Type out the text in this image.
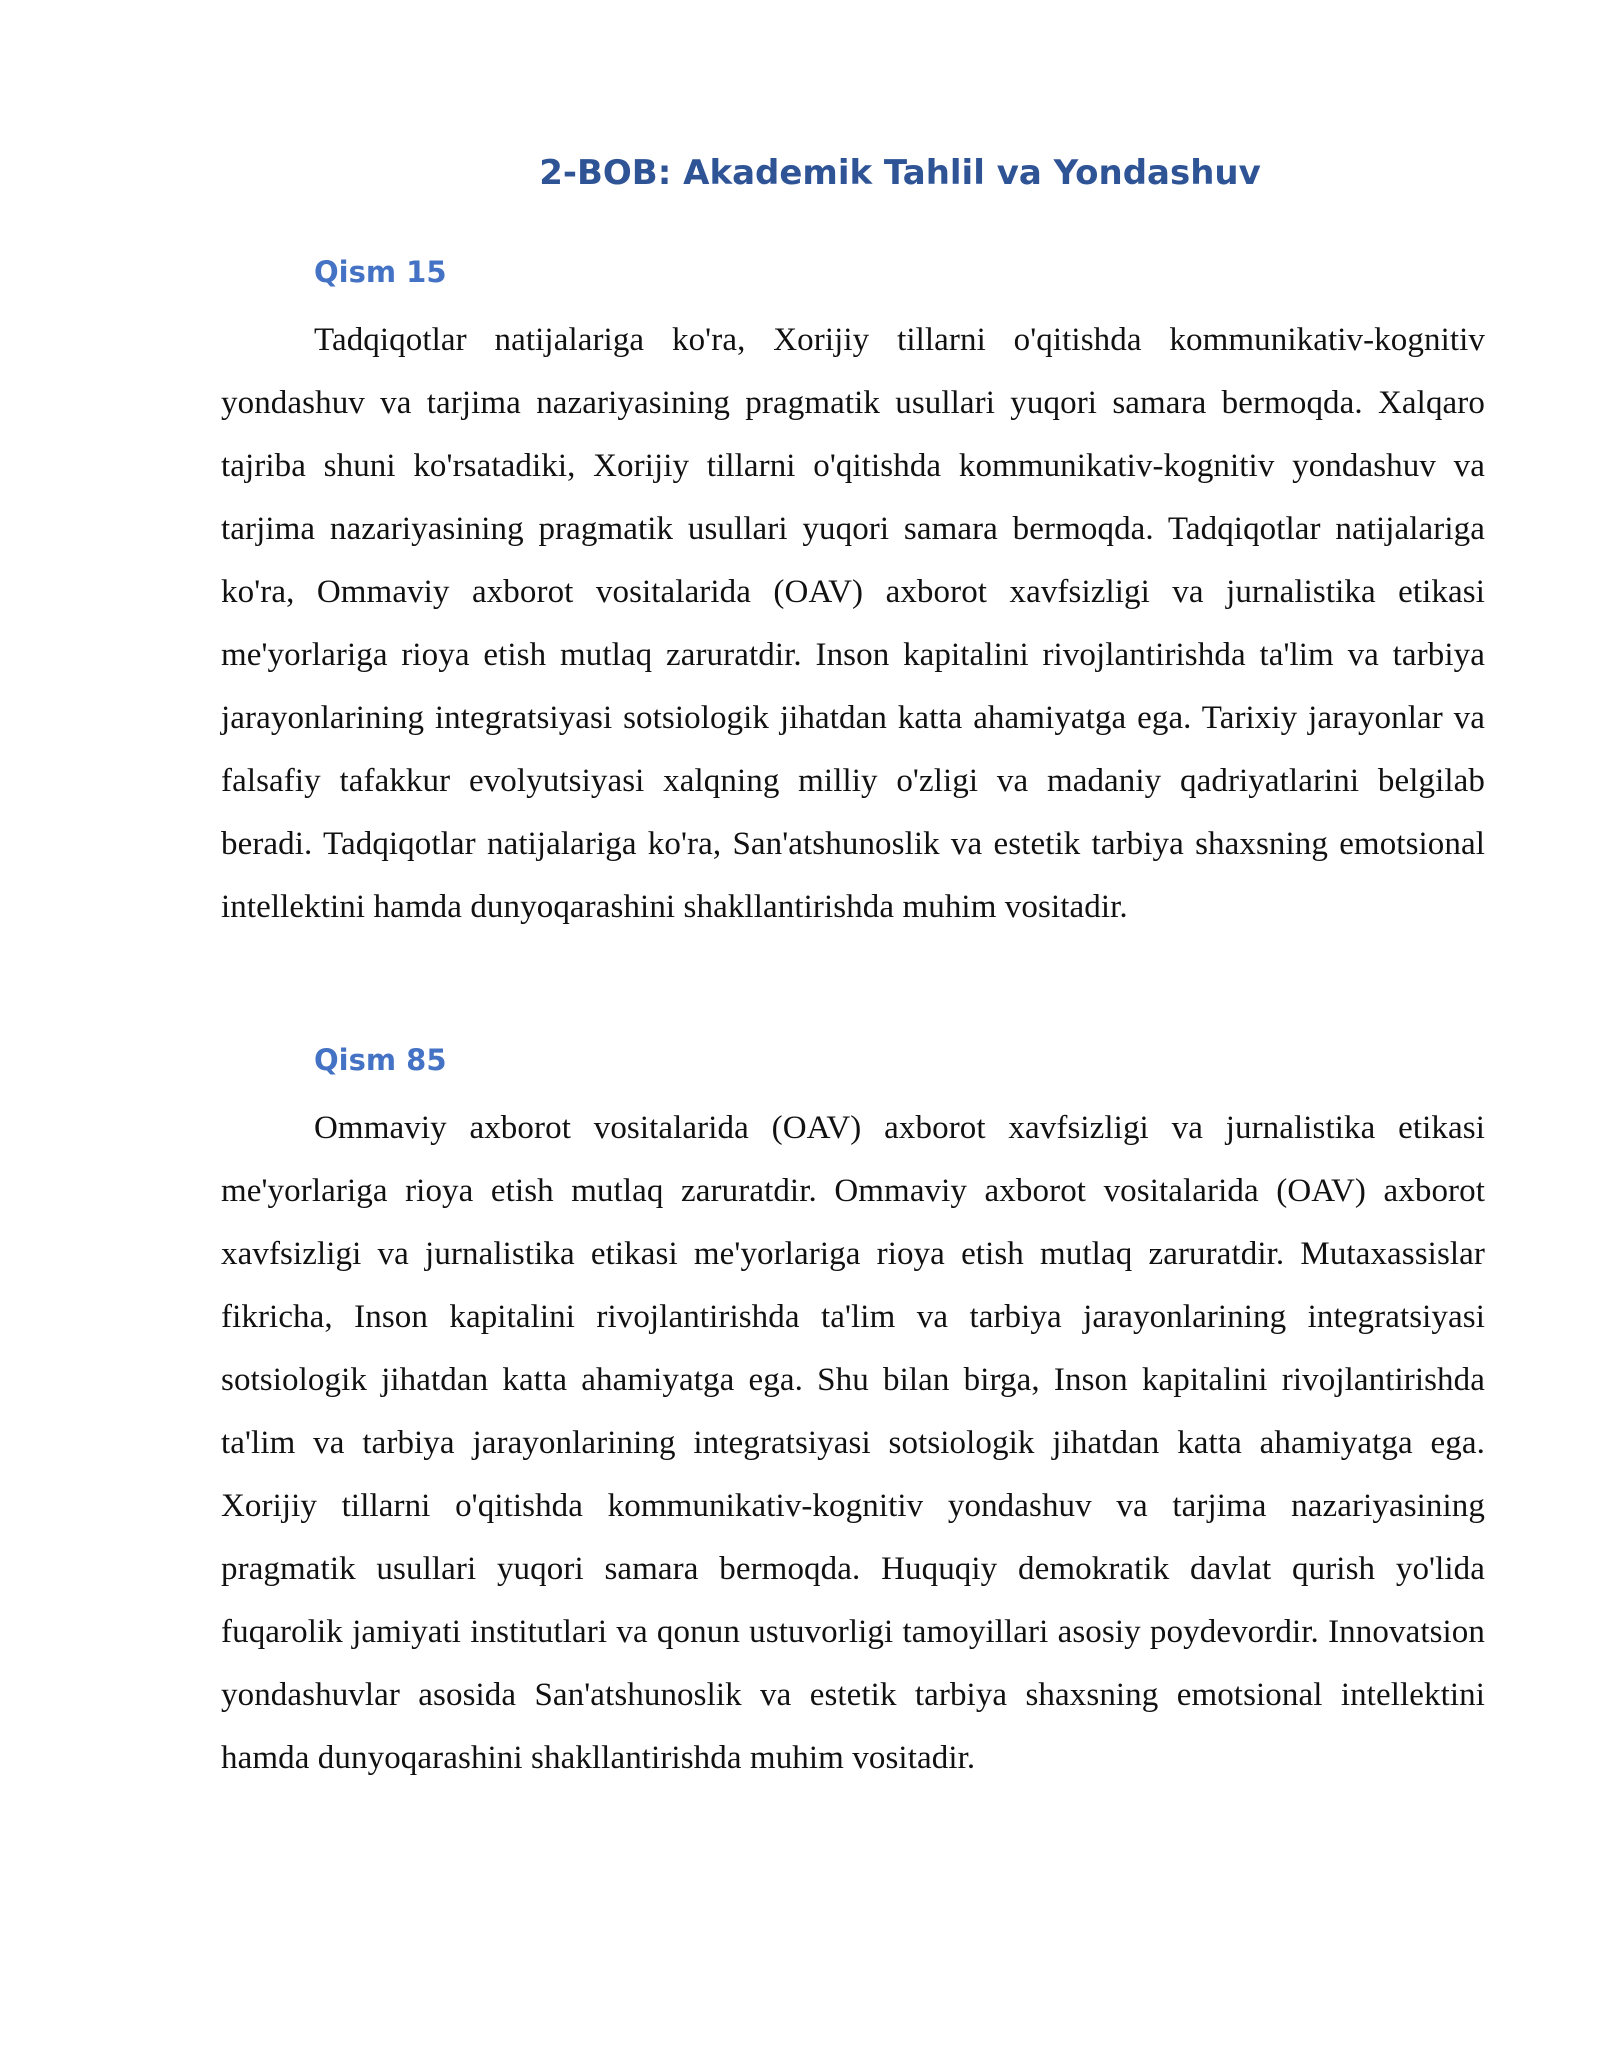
2-BOB: Akademik Tahlil va Yondashuv
Qism 15

Tadqiqotlar natijalariga ko'ra, Xorijiy tillarni o'qitishda kommunikativ-kognitiv yondashuv va tarjima nazariyasining pragmatik usullari yuqori samara bermoqda. Xalqaro tajriba shuni ko'rsatadiki, Xorijiy tillarni o'qitishda kommunikativ-kognitiv yondashuv va tarjima nazariyasining pragmatik usullari yuqori samara bermoqda. Tadqiqotlar natijalariga ko'ra, Ommaviy axborot vositalarida (OAV) axborot xavfsizligi va jurnalistika etikasi me'yorlariga rioya etish mutlaq zaruratdir. Inson kapitalini rivojlantirishda ta'lim va tarbiya jarayonlarining integratsiyasi sotsiologik jihatdan katta ahamiyatga ega. Tarixiy jarayonlar va falsafiy tafakkur evolyutsiyasi xalqning milliy o'zligi va madaniy qadriyatlarini belgilab beradi. Tadqiqotlar natijalariga ko'ra, San'atshunoslik va estetik tarbiya shaxsning emotsional intellektini hamda dunyoqarashini shakllantirishda muhim vositadir.

Qism 85

Ommaviy axborot vositalarida (OAV) axborot xavfsizligi va jurnalistika etikasi me'yorlariga rioya etish mutlaq zaruratdir. Ommaviy axborot vositalarida (OAV) axborot xavfsizligi va jurnalistika etikasi me'yorlariga rioya etish mutlaq zaruratdir. Mutaxassislar fikricha, Inson kapitalini rivojlantirishda ta'lim va tarbiya jarayonlarining integratsiyasi sotsiologik jihatdan katta ahamiyatga ega. Shu bilan birga, Inson kapitalini rivojlantirishda ta'lim va tarbiya jarayonlarining integratsiyasi sotsiologik jihatdan katta ahamiyatga ega. Xorijiy tillarni o'qitishda kommunikativ-kognitiv yondashuv va tarjima nazariyasining pragmatik usullari yuqori samara bermoqda. Huquqiy demokratik davlat qurish yo'lida fuqarolik jamiyati institutlari va qonun ustuvorligi tamoyillari asosiy poydevordir. Innovatsion yondashuvlar asosida San'atshunoslik va estetik tarbiya shaxsning emotsional intellektini hamda dunyoqarashini shakllantirishda muhim vositadir.
